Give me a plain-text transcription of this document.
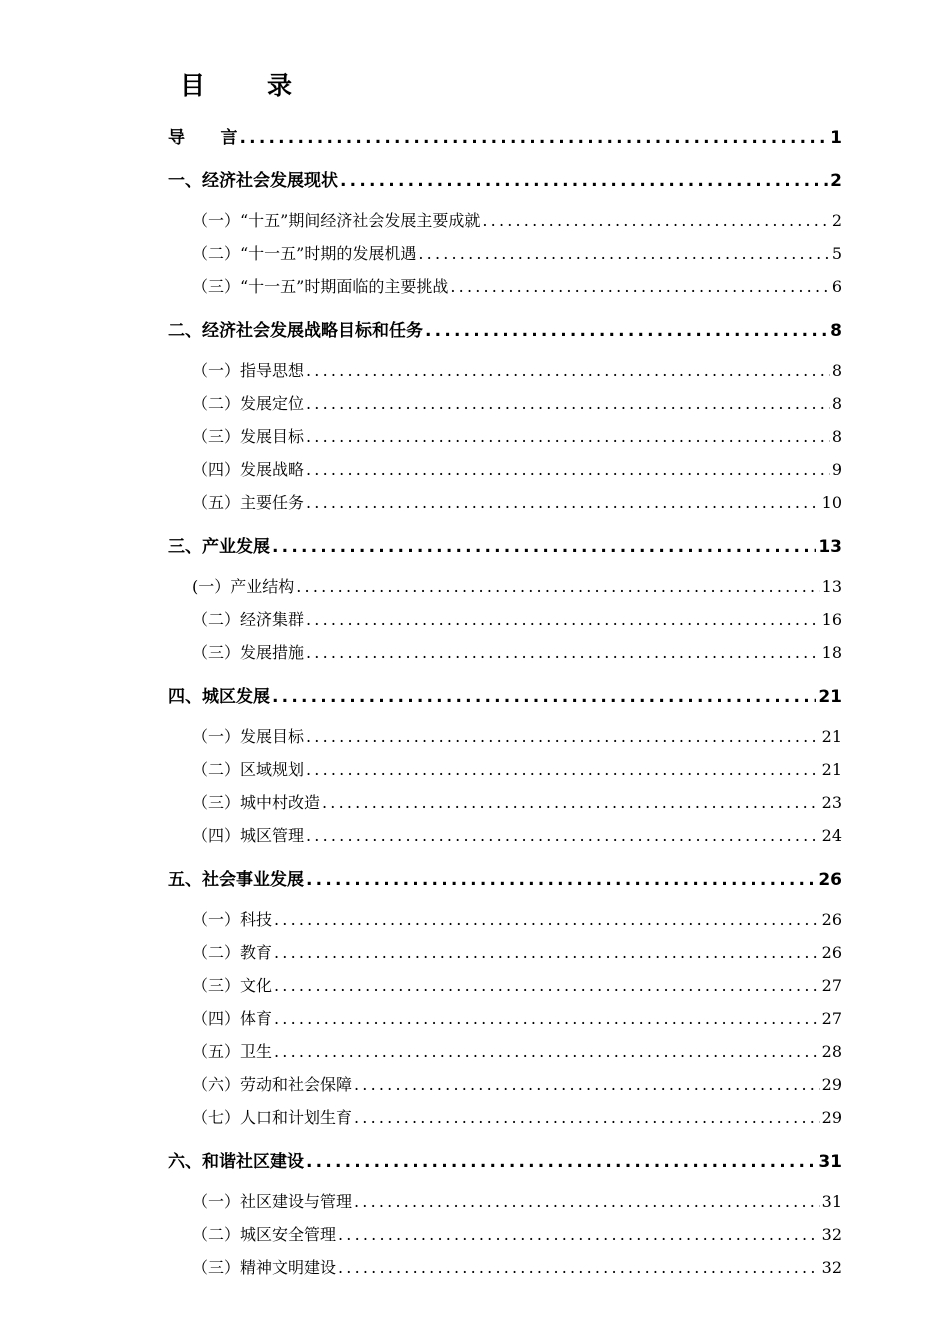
目 录
导      言 .....	1
一、经济社会发展现状 .....	2
（一）“十五”期间经济社会发展主要成就 .....	2
（二）“十一五”时期的发展机遇 .....	5
（三）“十一五”时期面临的主要挑战 .....	6
二、经济社会发展战略目标和任务 .....	8
（一）指导思想 .....	8
（二）发展定位 .....	8
（三）发展目标 .....	8
（四）发展战略 .....	9
（五）主要任务 .....	10
三、产业发展 .....	13
(一）产业结构 .....	13
（二）经济集群 .....	16
（三）发展措施 .....	18
四、城区发展 .....	21
（一）发展目标 .....	21
（二）区域规划 .....	21
（三）城中村改造 .....	23
（四）城区管理 .....	24
五、社会事业发展 .....	26
（一）科技 .....	26
（二）教育 .....	26
（三）文化 .....	27
（四）体育 .....	27
（五）卫生 .....	28
（六）劳动和社会保障 .....	29
（七）人口和计划生育 .....	29
六、和谐社区建设 .....	31
（一）社区建设与管理 .....	31
（二）城区安全管理 .....	32
（三）精神文明建设 .....	32
